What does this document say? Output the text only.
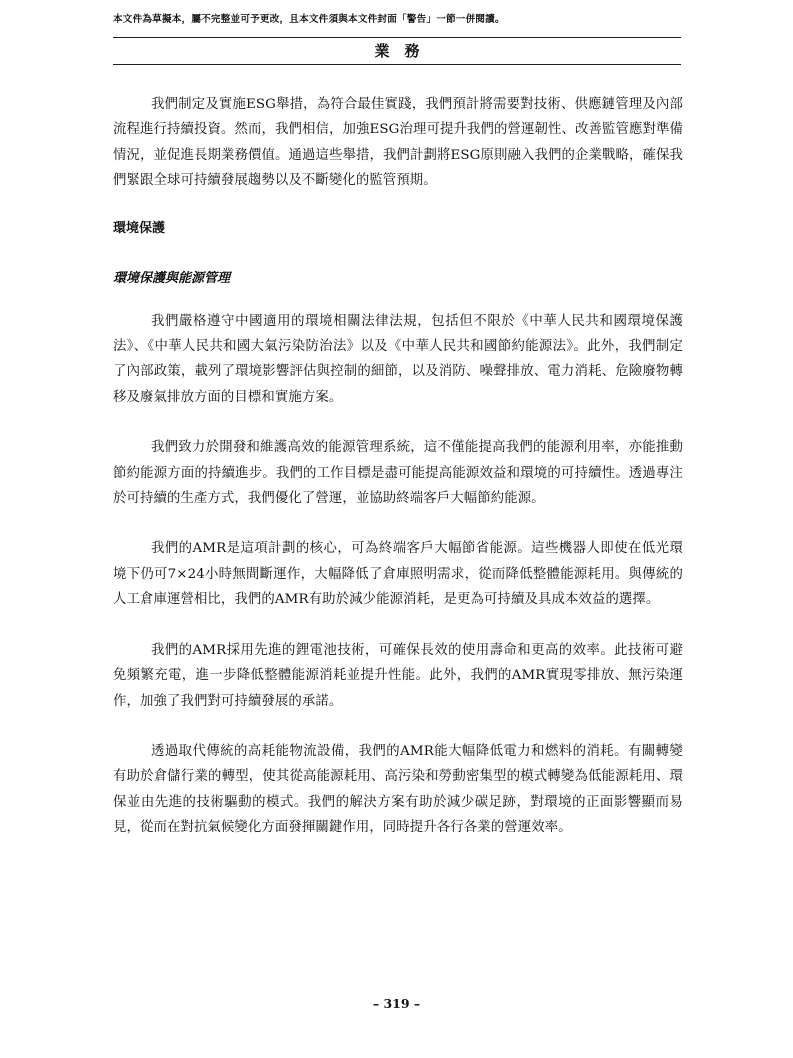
本文件為草擬本，屬不完整並可予更改，且本文件須與本文件封面「警告」一節一併閱讀。
業務

我們制定及實施ESG舉措，為符合最佳實踐，我們預計將需要對技術、供應鏈管理及內部流程進行持續投資。然而，我們相信，加強ESG治理可提升我們的營運韌性、改善監管應對準備情況，並促進長期業務價值。通過這些舉措，我們計劃將ESG原則融入我們的企業戰略，確保我們緊跟全球可持續發展趨勢以及不斷變化的監管預期。

環境保護
環境保護與能源管理

我們嚴格遵守中國適用的環境相關法律法規，包括但不限於《中華人民共和國環境保護法》、《中華人民共和國大氣污染防治法》以及《中華人民共和國節約能源法》。此外，我們制定了內部政策，載列了環境影響評估與控制的細節，以及消防、噪聲排放、電力消耗、危險廢物轉移及廢氣排放方面的目標和實施方案。

我們致力於開發和維護高效的能源管理系統，這不僅能提高我們的能源利用率，亦能推動節約能源方面的持續進步。我們的工作目標是盡可能提高能源效益和環境的可持續性。透過專注於可持續的生產方式，我們優化了營運，並協助終端客戶大幅節約能源。

我們的AMR是這項計劃的核心，可為終端客戶大幅節省能源。這些機器人即使在低光環境下仍可7×24小時無間斷運作，大幅降低了倉庫照明需求，從而降低整體能源耗用。與傳統的人工倉庫運營相比，我們的AMR有助於減少能源消耗，是更為可持續及具成本效益的選擇。

我們的AMR採用先進的鋰電池技術，可確保長效的使用壽命和更高的效率。此技術可避免頻繁充電，進一步降低整體能源消耗並提升性能。此外，我們的AMR實現零排放、無污染運作，加強了我們對可持續發展的承諾。

透過取代傳統的高耗能物流設備，我們的AMR能大幅降低電力和燃料的消耗。有關轉變有助於倉儲行業的轉型，使其從高能源耗用、高污染和勞動密集型的模式轉變為低能源耗用、環保並由先進的技術驅動的模式。我們的解決方案有助於減少碳足跡，對環境的正面影響顯而易見，從而在對抗氣候變化方面發揮關鍵作用，同時提升各行各業的營運效率。

– 319 –
